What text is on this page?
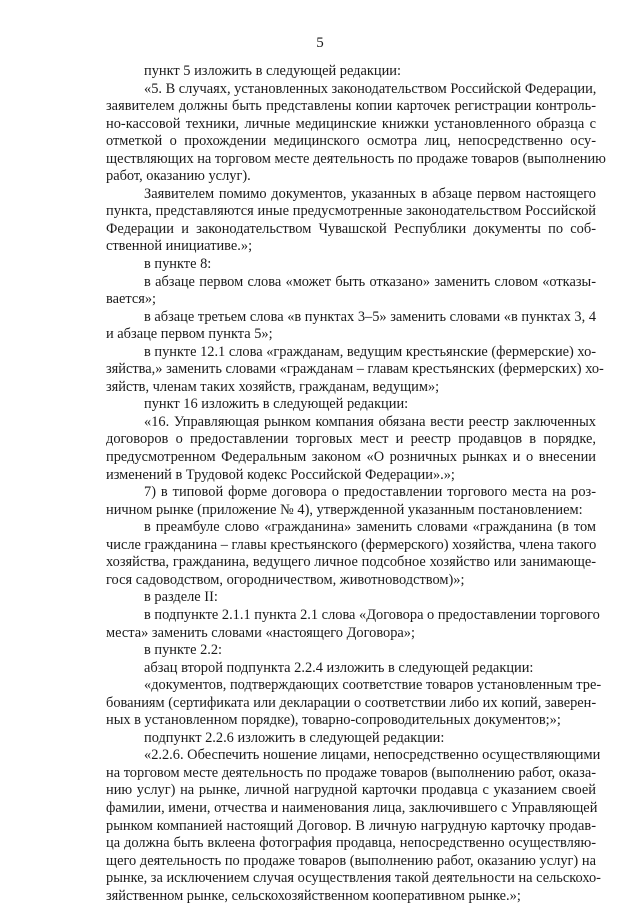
5
пункт 5 изложить в следующей редакции:
«5. В случаях, установленных законодательством Российской Федерации,
заявителем должны быть представлены копии карточек регистрации контроль-
но-кассовой техники, личные медицинские книжки установленного образца с
отметкой о прохождении медицинского осмотра лиц, непосредственно осу-
ществляющих на торговом месте деятельность по продаже товаров (выполнению
работ, оказанию услуг).
Заявителем помимо документов, указанных в абзаце первом настоящего
пункта, представляются иные предусмотренные законодательством Российской
Федерации и законодательством Чувашской Республики документы по соб-
ственной инициативе.»;
в пункте 8:
в абзаце первом слова «может быть отказано» заменить словом «отказы-
вается»;
в абзаце третьем слова «в пунктах 3–5» заменить словами «в пунктах 3, 4
и абзаце первом пункта 5»;
в пункте 12.1 слова «гражданам, ведущим крестьянские (фермерские) хо-
зяйства,» заменить словами «гражданам – главам крестьянских (фермерских) хо-
зяйств, членам таких хозяйств, гражданам, ведущим»;
пункт 16 изложить в следующей редакции:
«16. Управляющая рынком компания обязана вести реестр заключенных
договоров о предоставлении торговых мест и реестр продавцов в порядке,
предусмотренном Федеральным законом «О розничных рынках и о внесении
изменений в Трудовой кодекс Российской Федерации».»;
7) в типовой форме договора о предоставлении торгового места на роз-
ничном рынке (приложение № 4), утвержденной указанным постановлением:
в преамбуле слово «гражданина» заменить словами «гражданина (в том
числе гражданина – главы крестьянского (фермерского) хозяйства, члена такого
хозяйства, гражданина, ведущего личное подсобное хозяйство или занимающе-
гося садоводством, огородничеством, животноводством)»;
в разделе II:
в подпункте 2.1.1 пункта 2.1 слова «Договора о предоставлении торгового
места» заменить словами «настоящего Договора»;
в пункте 2.2:
абзац второй подпункта 2.2.4 изложить в следующей редакции:
«документов, подтверждающих соответствие товаров установленным тре-
бованиям (сертификата или декларации о соответствии либо их копий, заверен-
ных в установленном порядке), товарно-сопроводительных документов;»;
подпункт 2.2.6 изложить в следующей редакции:
«2.2.6. Обеспечить ношение лицами, непосредственно осуществляющими
на торговом месте деятельность по продаже товаров (выполнению работ, оказа-
нию услуг) на рынке, личной нагрудной карточки продавца с указанием своей
фамилии, имени, отчества и наименования лица, заключившего с Управляющей
рынком компанией настоящий Договор. В личную нагрудную карточку продав-
ца должна быть вклеена фотография продавца, непосредственно осуществляю-
щего деятельность по продаже товаров (выполнению работ, оказанию услуг) на
рынке, за исключением случая осуществления такой деятельности на сельскохо-
зяйственном рынке, сельскохозяйственном кооперативном рынке.»;
